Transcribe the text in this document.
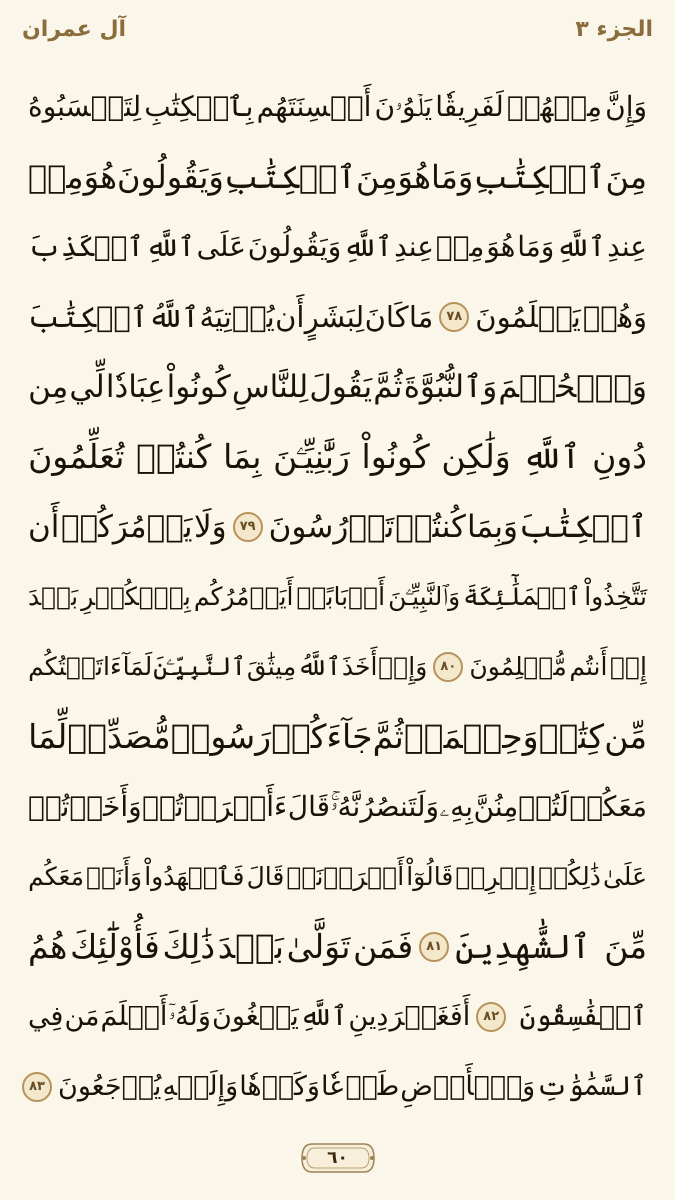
آل عمران	الجزء ٣
وَإِنَّ
مِنۡهُمۡ
لَفَرِيقٗا
يَلۡوُۥنَ
أَلۡسِنَتَهُم
بِٱلۡكِتَٰبِ
لِتَحۡسَبُوهُ
مِنَ
ٱلۡكِتَٰبِ
وَمَا
هُوَ
مِنَ
ٱلۡكِتَٰبِ
وَيَقُولُونَ
هُوَ
مِنۡ
عِندِ
ٱللَّهِ
وَمَا
هُوَ
مِنۡ
عِندِ
ٱللَّهِ
وَيَقُولُونَ
عَلَى
ٱللَّهِ
ٱلۡكَذِبَ
وَهُمۡ
يَعۡلَمُونَ
٧٨
مَا
كَانَ
لِبَشَرٍ
أَن
يُؤۡتِيَهُ
ٱللَّهُ
ٱلۡكِتَٰبَ
وَٱلۡحُكۡمَ
وَٱلنُّبُوَّةَ
ثُمَّ
يَقُولَ
لِلنَّاسِ
كُونُواْ
عِبَادٗا
لِّي
مِن
دُونِ
ٱللَّهِ
وَلَٰكِن
كُونُواْ
رَبَّٰنِيِّـۧنَ
بِمَا
كُنتُمۡ
تُعَلِّمُونَ
ٱلۡكِتَٰبَ
وَبِمَا
كُنتُمۡ
تَدۡرُسُونَ
٧٩
وَلَا
يَأۡمُرَكُمۡ
أَن
تَتَّخِذُواْ
ٱلۡمَلَٰٓئِكَةَ
وَٱلنَّبِيِّـۧنَ
أَرۡبَابًاۗ
أَيَأۡمُرُكُم
بِٱلۡكُفۡرِ
بَعۡدَ
إِذۡ
أَنتُم
مُّسۡلِمُونَ
٨٠
وَإِذۡ
أَخَذَ
ٱللَّهُ
مِيثَٰقَ
ٱلنَّبِيِّـۧنَ
لَمَآ
ءَاتَيۡتُكُم
مِّن
كِتَٰبٖ
وَحِكۡمَةٖ
ثُمَّ
جَآءَكُمۡ
رَسُولٞ
مُّصَدِّقٞ
لِّمَا
مَعَكُمۡ
لَتُؤۡمِنُنَّ
بِهِۦ
وَلَتَنصُرُنَّهُۥۚ
قَالَ
ءَأَقۡرَرۡتُمۡ
وَأَخَذۡتُمۡ
عَلَىٰ
ذَٰلِكُمۡ
إِصۡرِيۖ
قَالُوٓاْ
أَقۡرَرۡنَاۚ
قَالَ
فَٱشۡهَدُواْ
وَأَنَا۠
مَعَكُم
مِّنَ
ٱلشَّٰهِدِينَ
٨١
فَمَن
تَوَلَّىٰ
بَعۡدَ
ذَٰلِكَ
فَأُوْلَٰٓئِكَ
هُمُ
ٱلۡفَٰسِقُونَ
٨٢
أَفَغَيۡرَ
دِينِ
ٱللَّهِ
يَبۡغُونَ
وَلَهُۥٓ
أَسۡلَمَ
مَن
فِي
ٱلسَّمَٰوَٰتِ
وَٱلۡأَرۡضِ
طَوۡعٗا
وَكَرۡهٗا
وَإِلَيۡهِ
يُرۡجَعُونَ
٨٣
٦٠
